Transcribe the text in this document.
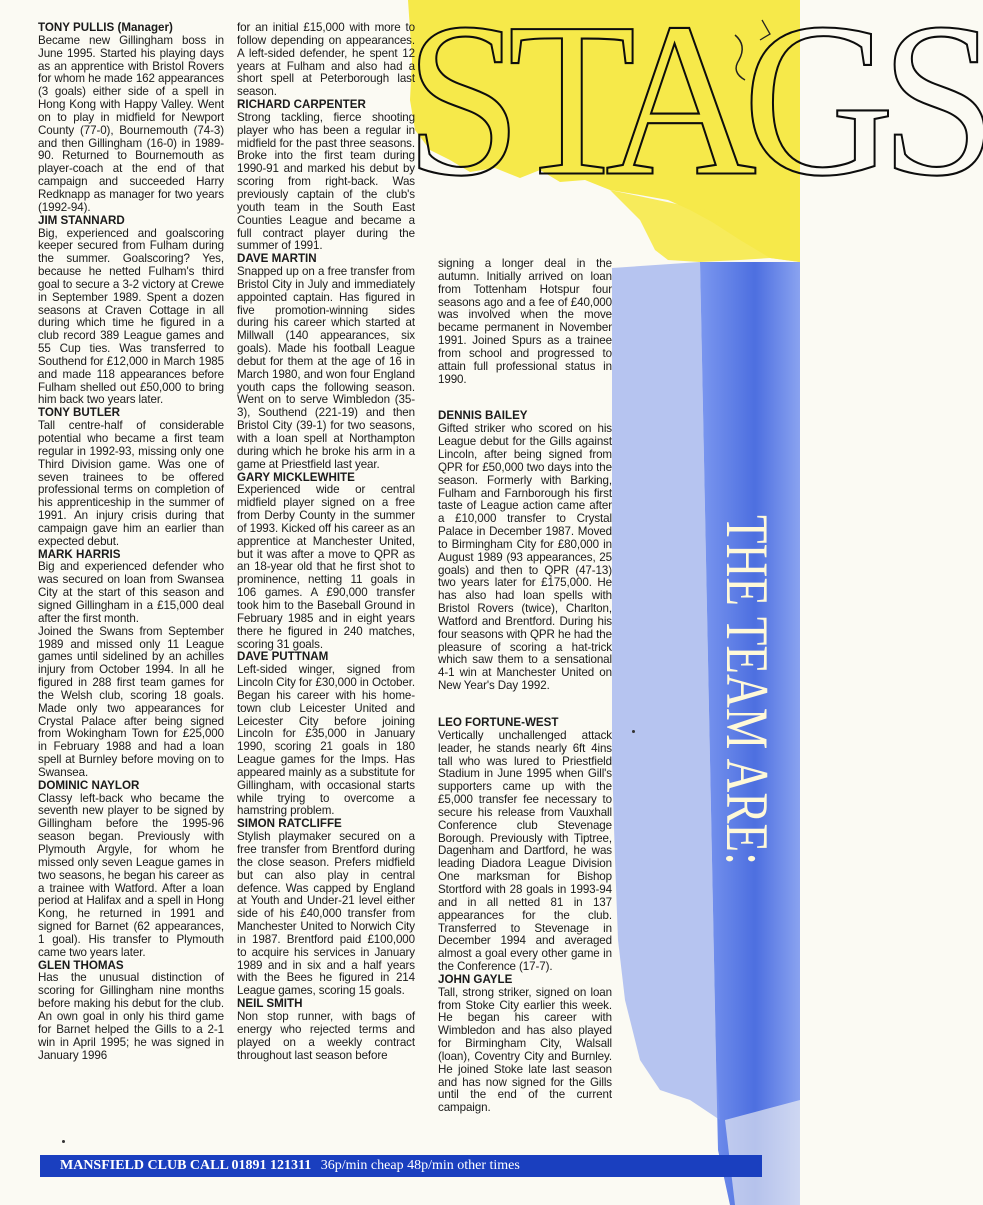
STAGS
THE TEAM ARE:

TONY PULLIS (Manager)
Became new Gillingham boss in June 1995. Started his playing days as an apprentice with Bristol Rovers for whom he made 162 appearances (3 goals) either side of a spell in Hong Kong with Happy Valley. Went on to play in midfield for Newport County (77-0), Bournemouth (74-3) and then Gillingham (16-0) in 1989-90. Returned to Bournemouth as player-coach at the end of that campaign and succeeded Harry Redknapp as manager for two years (1992-94).

JIM STANNARD
Big, experienced and goalscoring keeper secured from Fulham during the summer. Goalscoring? Yes, because he netted Fulham's third goal to secure a 3-2 victory at Crewe in September 1989. Spent a dozen seasons at Craven Cottage in all during which time he figured in a club record 389 League games and 55 Cup ties. Was transferred to Southend for £12,000 in March 1985 and made 118 appearances before Fulham shelled out £50,000 to bring him back two years later.

TONY BUTLER
Tall centre-half of considerable potential who became a first team regular in 1992-93, missing only one Third Division game. Was one of seven trainees to be offered professional terms on completion of his apprenticeship in the summer of 1991. An injury crisis during that campaign gave him an earlier than expected debut.

MARK HARRIS
Big and experienced defender who was secured on loan from Swansea City at the start of this season and signed Gillingham in a £15,000 deal after the first month.

Joined the Swans from September 1989 and missed only 11 League games until sidelined by an achilles injury from October 1994. In all he figured in 288 first team games for the Welsh club, scoring 18 goals. Made only two appearances for Crystal Palace after being signed from Wokingham Town for £25,000 in February 1988 and had a loan spell at Burnley before moving on to Swansea.

DOMINIC NAYLOR
Classy left-back who became the seventh new player to be signed by Gillingham before the 1995-96 season began. Previously with Plymouth Argyle, for whom he missed only seven League games in two seasons, he began his career as a trainee with Watford. After a loan period at Halifax and a spell in Hong Kong, he returned in 1991 and signed for Barnet (62 appearances, 1 goal). His transfer to Plymouth came two years later.

GLEN THOMAS
Has the unusual distinction of scoring for Gillingham nine months before making his debut for the club. An own goal in only his third game for Barnet helped the Gills to a 2-1 win in April 1995; he was signed in January 1996

for an initial £15,000 with more to follow depending on appearances. A left-sided defender, he spent 12 years at Fulham and also had a short spell at Peterborough last season.

RICHARD CARPENTER
Strong tackling, fierce shooting player who has been a regular in midfield for the past three seasons. Broke into the first team during 1990-91 and marked his debut by scoring from right-back. Was previously captain of the club's youth team in the South East Counties League and became a full contract player during the summer of 1991.

DAVE MARTIN
Snapped up on a free transfer from Bristol City in July and immediately appointed captain. Has figured in five promotion-winning sides during his career which started at Millwall (140 appearances, six goals). Made his football League debut for them at the age of 16 in March 1980, and won four England youth caps the following season. Went on to serve Wimbledon (35-3), Southend (221-19) and then Bristol City (39-1) for two seasons, with a loan spell at Northampton during which he broke his arm in a game at Priestfield last year.

GARY MICKLEWHITE
Experienced wide or central midfield player signed on a free from Derby County in the summer of 1993. Kicked off his career as an apprentice at Manchester United, but it was after a move to QPR as an 18-year old that he first shot to prominence, netting 11 goals in 106 games. A £90,000 transfer took him to the Baseball Ground in February 1985 and in eight years there he figured in 240 matches, scoring 31 goals.

DAVE PUTTNAM
Left-sided winger, signed from Lincoln City for £30,000 in October. Began his career with his home-town club Leicester United and Leicester City before joining Lincoln for £35,000 in January 1990, scoring 21 goals in 180 League games for the Imps. Has appeared mainly as a substitute for Gillingham, with occasional starts while trying to overcome a hamstring problem.

SIMON RATCLIFFE
Stylish playmaker secured on a free transfer from Brentford during the close season. Prefers midfield but can also play in central defence. Was capped by England at Youth and Under-21 level either side of his £40,000 transfer from Manchester United to Norwich City in 1987. Brentford paid £100,000 to acquire his services in January 1989 and in six and a half years with the Bees he figured in 214 League games, scoring 15 goals.

NEIL SMITH
Non stop runner, with bags of energy who rejected terms and played on a weekly contract throughout last season before

signing a longer deal in the autumn. Initially arrived on loan from Tottenham Hotspur four seasons ago and a fee of £40,000 was involved when the move became permanent in November 1991. Joined Spurs as a trainee from school and progressed to attain full professional status in 1990.

DENNIS BAILEY
Gifted striker who scored on his League debut for the Gills against Lincoln, after being signed from QPR for £50,000 two days into the season. Formerly with Barking, Fulham and Farnborough his first taste of League action came after a £10,000 transfer to Crystal Palace in December 1987. Moved to Birmingham City for £80,000 in August 1989 (93 appearances, 25 goals) and then to QPR (47-13) two years later for £175,000. He has also had loan spells with Bristol Rovers (twice), Charlton, Watford and Brentford. During his four seasons with QPR he had the pleasure of scoring a hat-trick which saw them to a sensational 4-1 win at Manchester United on New Year's Day 1992.

LEO FORTUNE-WEST
Vertically unchallenged attack leader, he stands nearly 6ft 4ins tall who was lured to Priestfield Stadium in June 1995 when Gill's supporters came up with the £5,000 transfer fee necessary to secure his release from Vauxhall Conference club Stevenage Borough. Previously with Tiptree, Dagenham and Dartford, he was leading Diadora League Division One marksman for Bishop Stortford with 28 goals in 1993-94 and in all netted 81 in 137 appearances for the club. Transferred to Stevenage in December 1994 and averaged almost a goal every other game in the Conference (17-7).

JOHN GAYLE
Tall, strong striker, signed on loan from Stoke City earlier this week. He began his career with Wimbledon and has also played for Birmingham City, Walsall (loan), Coventry City and Burnley. He joined Stoke late last season and has now signed for the Gills until the end of the current campaign.

MANSFIELD CLUB CALL 01891 121311 36p/min cheap 48p/min other times
